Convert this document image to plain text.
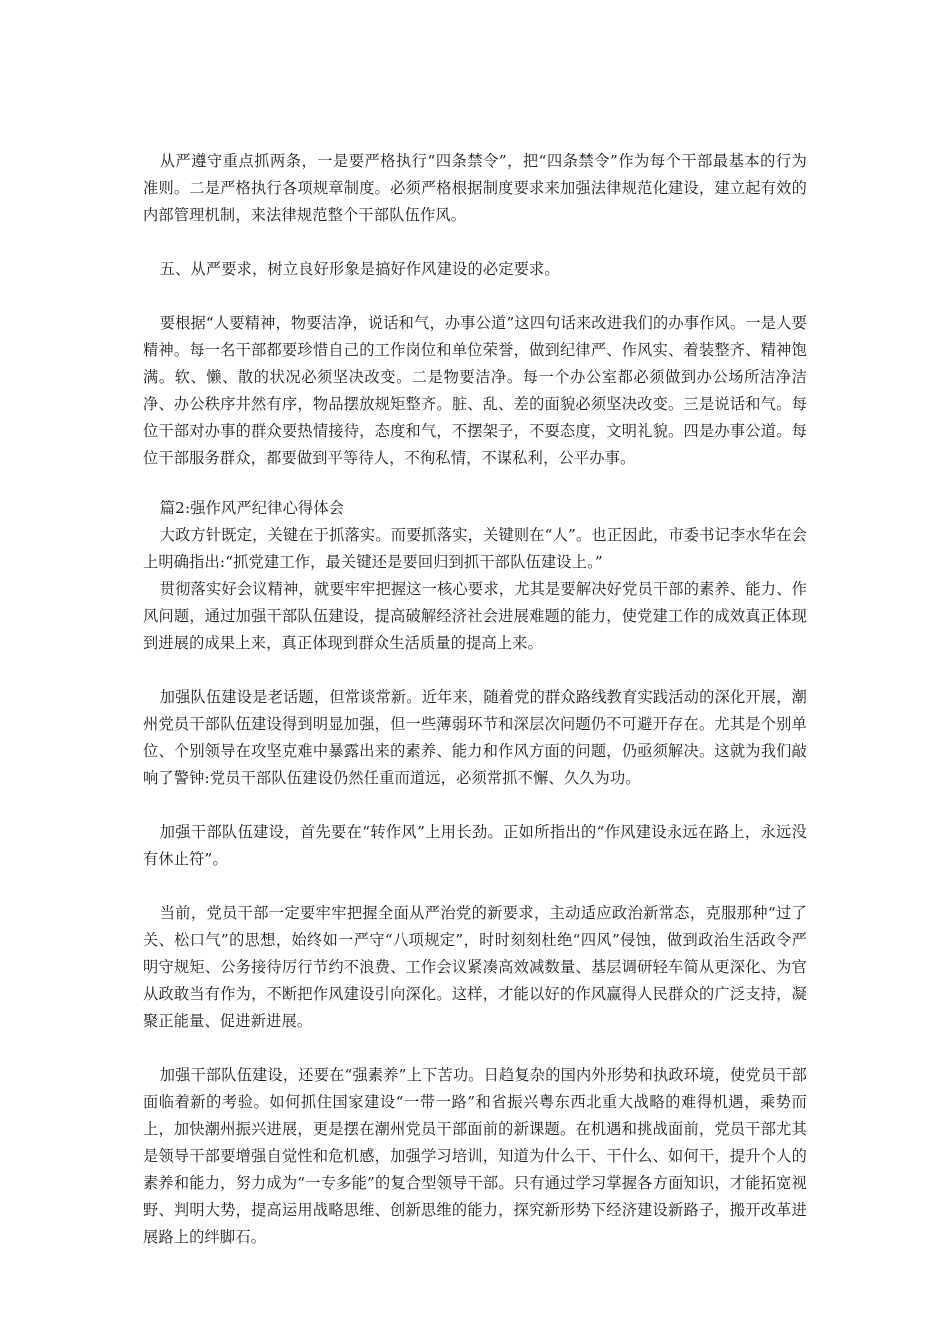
从严遵守重点抓两条，一是要严格执行“四条禁令”，把“四条禁令”作为每个干部最基本的行为准则。二是严格执行各项规章制度。必须严格根据制度要求来加强法律规范化建设，建立起有效的内部管理机制，来法律规范整个干部队伍作风。

五、从严要求，树立良好形象是搞好作风建设的必定要求。

要根据“人要精神，物要洁净，说话和气，办事公道”这四句话来改进我们的办事作风。一是人要精神。每一名干部都要珍惜自己的工作岗位和单位荣誉，做到纪律严、作风实、着装整齐、精神饱满。软、懒、散的状况必须坚决改变。二是物要洁净。每一个办公室都必须做到办公场所洁净洁净、办公秩序井然有序，物品摆放规矩整齐。脏、乱、差的面貌必须坚决改变。三是说话和气。每位干部对办事的群众要热情接待，态度和气，不摆架子，不耍态度，文明礼貌。四是办事公道。每位干部服务群众，都要做到平等待人，不徇私情，不谋私利，公平办事。

篇2:强作风严纪律心得体会

大政方针既定，关键在于抓落实。而要抓落实，关键则在“人”。也正因此，市委书记李水华在会上明确指出:“抓党建工作，最关键还是要回归到抓干部队伍建设上。”

贯彻落实好会议精神，就要牢牢把握这一核心要求，尤其是要解决好党员干部的素养、能力、作风问题，通过加强干部队伍建设，提高破解经济社会进展难题的能力，使党建工作的成效真正体现到进展的成果上来，真正体现到群众生活质量的提高上来。

加强队伍建设是老话题，但常谈常新。近年来，随着党的群众路线教育实践活动的深化开展，潮州党员干部队伍建设得到明显加强，但一些薄弱环节和深层次问题仍不可避开存在。尤其是个别单位、个别领导在攻坚克难中暴露出来的素养、能力和作风方面的问题，仍亟须解决。这就为我们敲响了警钟:党员干部队伍建设仍然任重而道远，必须常抓不懈、久久为功。

加强干部队伍建设，首先要在“转作风”上用长劲。正如所指出的“作风建设永远在路上，永远没有休止符”。

当前，党员干部一定要牢牢把握全面从严治党的新要求，主动适应政治新常态，克服那种“过了关、松口气”的思想，始终如一严守“八项规定”，时时刻刻杜绝“四风”侵蚀，做到政治生活政令严明守规矩、公务接待厉行节约不浪费、工作会议紧凑高效减数量、基层调研轻车简从更深化、为官从政敢当有作为，不断把作风建设引向深化。这样，才能以好的作风赢得人民群众的广泛支持，凝聚正能量、促进新进展。

加强干部队伍建设，还要在“强素养”上下苦功。日趋复杂的国内外形势和执政环境，使党员干部面临着新的考验。如何抓住国家建设“一带一路”和省振兴粤东西北重大战略的难得机遇，乘势而上，加快潮州振兴进展，更是摆在潮州党员干部面前的新课题。在机遇和挑战面前，党员干部尤其是领导干部要增强自觉性和危机感，加强学习培训，知道为什么干、干什么、如何干，提升个人的素养和能力，努力成为“一专多能”的复合型领导干部。只有通过学习掌握各方面知识，才能拓宽视野、判明大势，提高运用战略思维、创新思维的能力，探究新形势下经济建设新路子，搬开改革进展路上的绊脚石。
